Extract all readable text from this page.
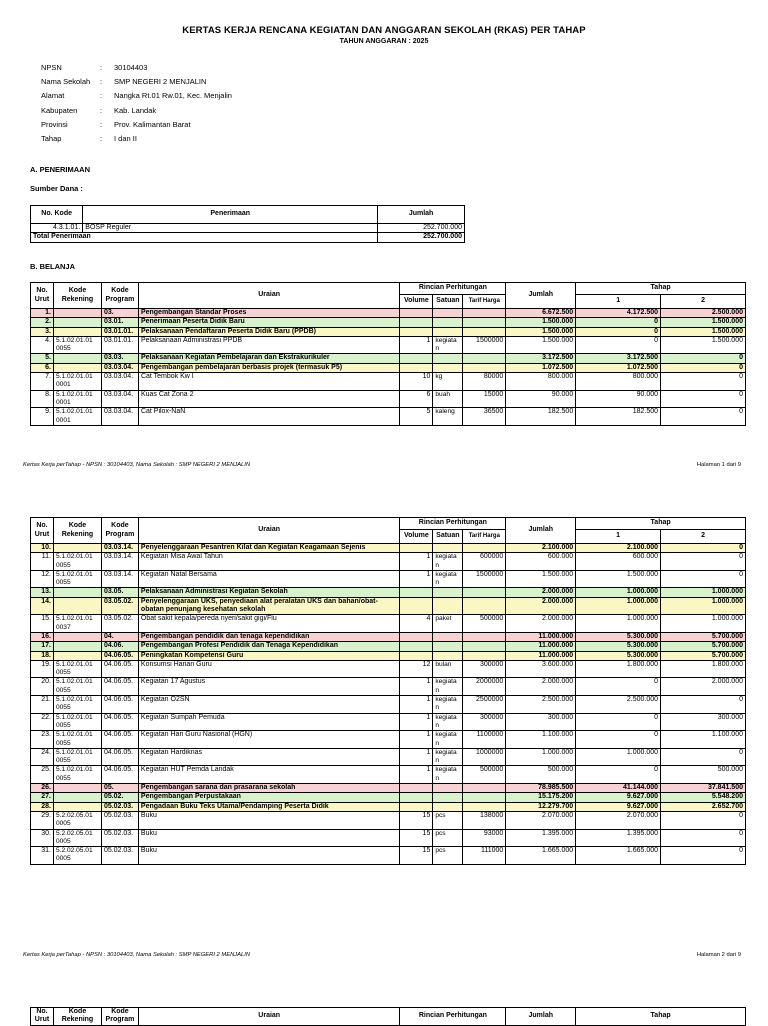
KERTAS KERJA RENCANA KEGIATAN DAN ANGGARAN SEKOLAH (RKAS) PER TAHAP
TAHUN ANGGARAN : 2025
NPSN	:	30104403
Nama Sekolah	:	SMP NEGERI 2 MENJALIN
Alamat	:	Nangka Rt.01 Rw.01, Kec. Menjalin
Kabupaten	:	Kab. Landak
Provinsi	:	Prov. Kalimantan Barat
Tahap	:	I dan II
A. PENERIMAAN
Sumber Dana :
No. Kode	Penerimaan	Jumlah
4.3.1.01.	BOSP Reguler	252.700.000
Total Penerimaan		252.700.000
B. BELANJA
No. Urut	Kode Rekening	Kode Program	Uraian	Rincian Perhitungan			Jumlah	Tahap	
				Volume	Satuan	Tarif Harga		1	2
1.		03.	Pengembangan Standar Proses				6.672.500	4.172.500	2.500.000
2.		03.01.	Penerimaan Peserta Didik Baru				1.500.000	0	1.500.000
3.		03.01.01.	Pelaksanaan Pendaftaran Peserta Didik Baru (PPDB)				1.500.000	0	1.500.000
4.	5.1.02.01.01 0055	03.01.01.	Pelaksanaan Administrasi PPDB	1	kegiata n	1500000	1.500.000	0	1.500.000
5.		03.03.	Pelaksanaan Kegiatan Pembelajaran dan Ekstrakurikuler				3.172.500	3.172.500	0
6.		03.03.04.	Pengembangan pembelajaran berbasis projek (termasuk P5)				1.072.500	1.072.500	0
7.	5.1.02.01.01 0001	03.03.04.	Cat Tembok Kw I	10	kg	80000	800.000	800.000	0
8.	5.1.02.01.01 0001	03.03.04.	Kuas Cat Zona 2	6	buah	15000	90.000	90.000	0
9.	5.1.02.01.01 0001	03.03.04.	Cat Pilox-NaN	5	kaleng	36500	182.500	182.500	0
Kertas Kerja perTahap - NPSN : 30104403, Nama Sekolah : SMP NEGERI 2 MENJALIN	Halaman 1 dari 9
No. Urut	Kode Rekening	Kode Program	Uraian	Rincian Perhitungan			Jumlah	Tahap	
				Volume	Satuan	Tarif Harga		1	2
10.		03.03.14.	Penyelenggaraan Pesantren Kilat dan Kegiatan Keagamaan Sejenis				2.100.000	2.100.000	0
11.	5.1.02.01.01 0055	03.03.14.	Kegiatan Misa Awal Tahun	1	kegiata n	600000	600.000	600.000	0
12.	5.1.02.01.01 0055	03.03.14.	Kegiatan Natal Bersama	1	kegiata n	1500000	1.500.000	1.500.000	0
13.		03.05.	Pelaksanaan Administrasi Kegiatan Sekolah				2.000.000	1.000.000	1.000.000
14.		03.05.02.	Penyelenggaraan UKS, penyediaan alat peralatan UKS dan bahan/obat-obatan penunjang kesehatan sekolah				2.000.000	1.000.000	1.000.000
15.	5.1.02.01.01 0037	03.05.02.	Obat sakit kepala/pereda nyeri/sakit gigi/Flu	4	paket	500000	2.000.000	1.000.000	1.000.000
16.		04.	Pengembangan pendidik dan tenaga kependidikan				11.000.000	5.300.000	5.700.000
17.		04.06.	Pengembangan Profesi Pendidik dan Tenaga Kependidikan				11.000.000	5.300.000	5.700.000
18.		04.06.05.	Peningkatan Kompetensi Guru				11.000.000	5.300.000	5.700.000
19.	5.1.02.01.01 0055	04.06.05.	Konsumsi Harian Guru	12	bulan	300000	3.600.000	1.800.000	1.800.000
20.	5.1.02.01.01 0055	04.06.05.	Kegiatan 17 Agustus	1	kegiata n	2000000	2.000.000	0	2.000.000
21.	5.1.02.01.01 0055	04.06.05.	Kegiatan O2SN	1	kegiata n	2500000	2.500.000	2.500.000	0
22.	5.1.02.01.01 0055	04.06.05.	Kegiatan Sumpah Pemuda	1	kegiata n	300000	300.000	0	300.000
23.	5.1.02.01.01 0055	04.06.05.	Kegiatan Hari Guru Nasional (HGN)	1	kegiata n	1100000	1.100.000	0	1.100.000
24.	5.1.02.01.01 0055	04.06.05.	Kegiatan Hardiknas	1	kegiata n	1000000	1.000.000	1.000.000	0
25.	5.1.02.01.01 0055	04.06.05.	Kegiatan HUT Pemda Landak	1	kegiata n	500000	500.000	0	500.000
26.		05.	Pengembangan sarana dan prasarana sekolah				78.985.500	41.144.000	37.841.500
27.		05.02.	Pengembangan Perpustakaan				15.175.200	9.627.000	5.548.200
28.		05.02.03.	Pengadaan Buku Teks Utama/Pendamping Peserta Didik				12.279.700	9.627.000	2.652.700
29.	5.2.02.05.01 0005	05.02.03.	Buku	15	pcs	138000	2.070.000	2.070.000	0
30.	5.2.02.05.01 0005	05.02.03.	Buku	15	pcs	93000	1.395.000	1.395.000	0
31.	5.2.02.05.01 0005	05.02.03.	Buku	15	pcs	111000	1.665.000	1.665.000	0
Kertas Kerja perTahap - NPSN : 30104403, Nama Sekolah : SMP NEGERI 2 MENJALIN	Halaman 2 dari 9
No. Urut	Kode Rekening	Kode Program	Uraian	Rincian Perhitungan	Jumlah	Tahap
